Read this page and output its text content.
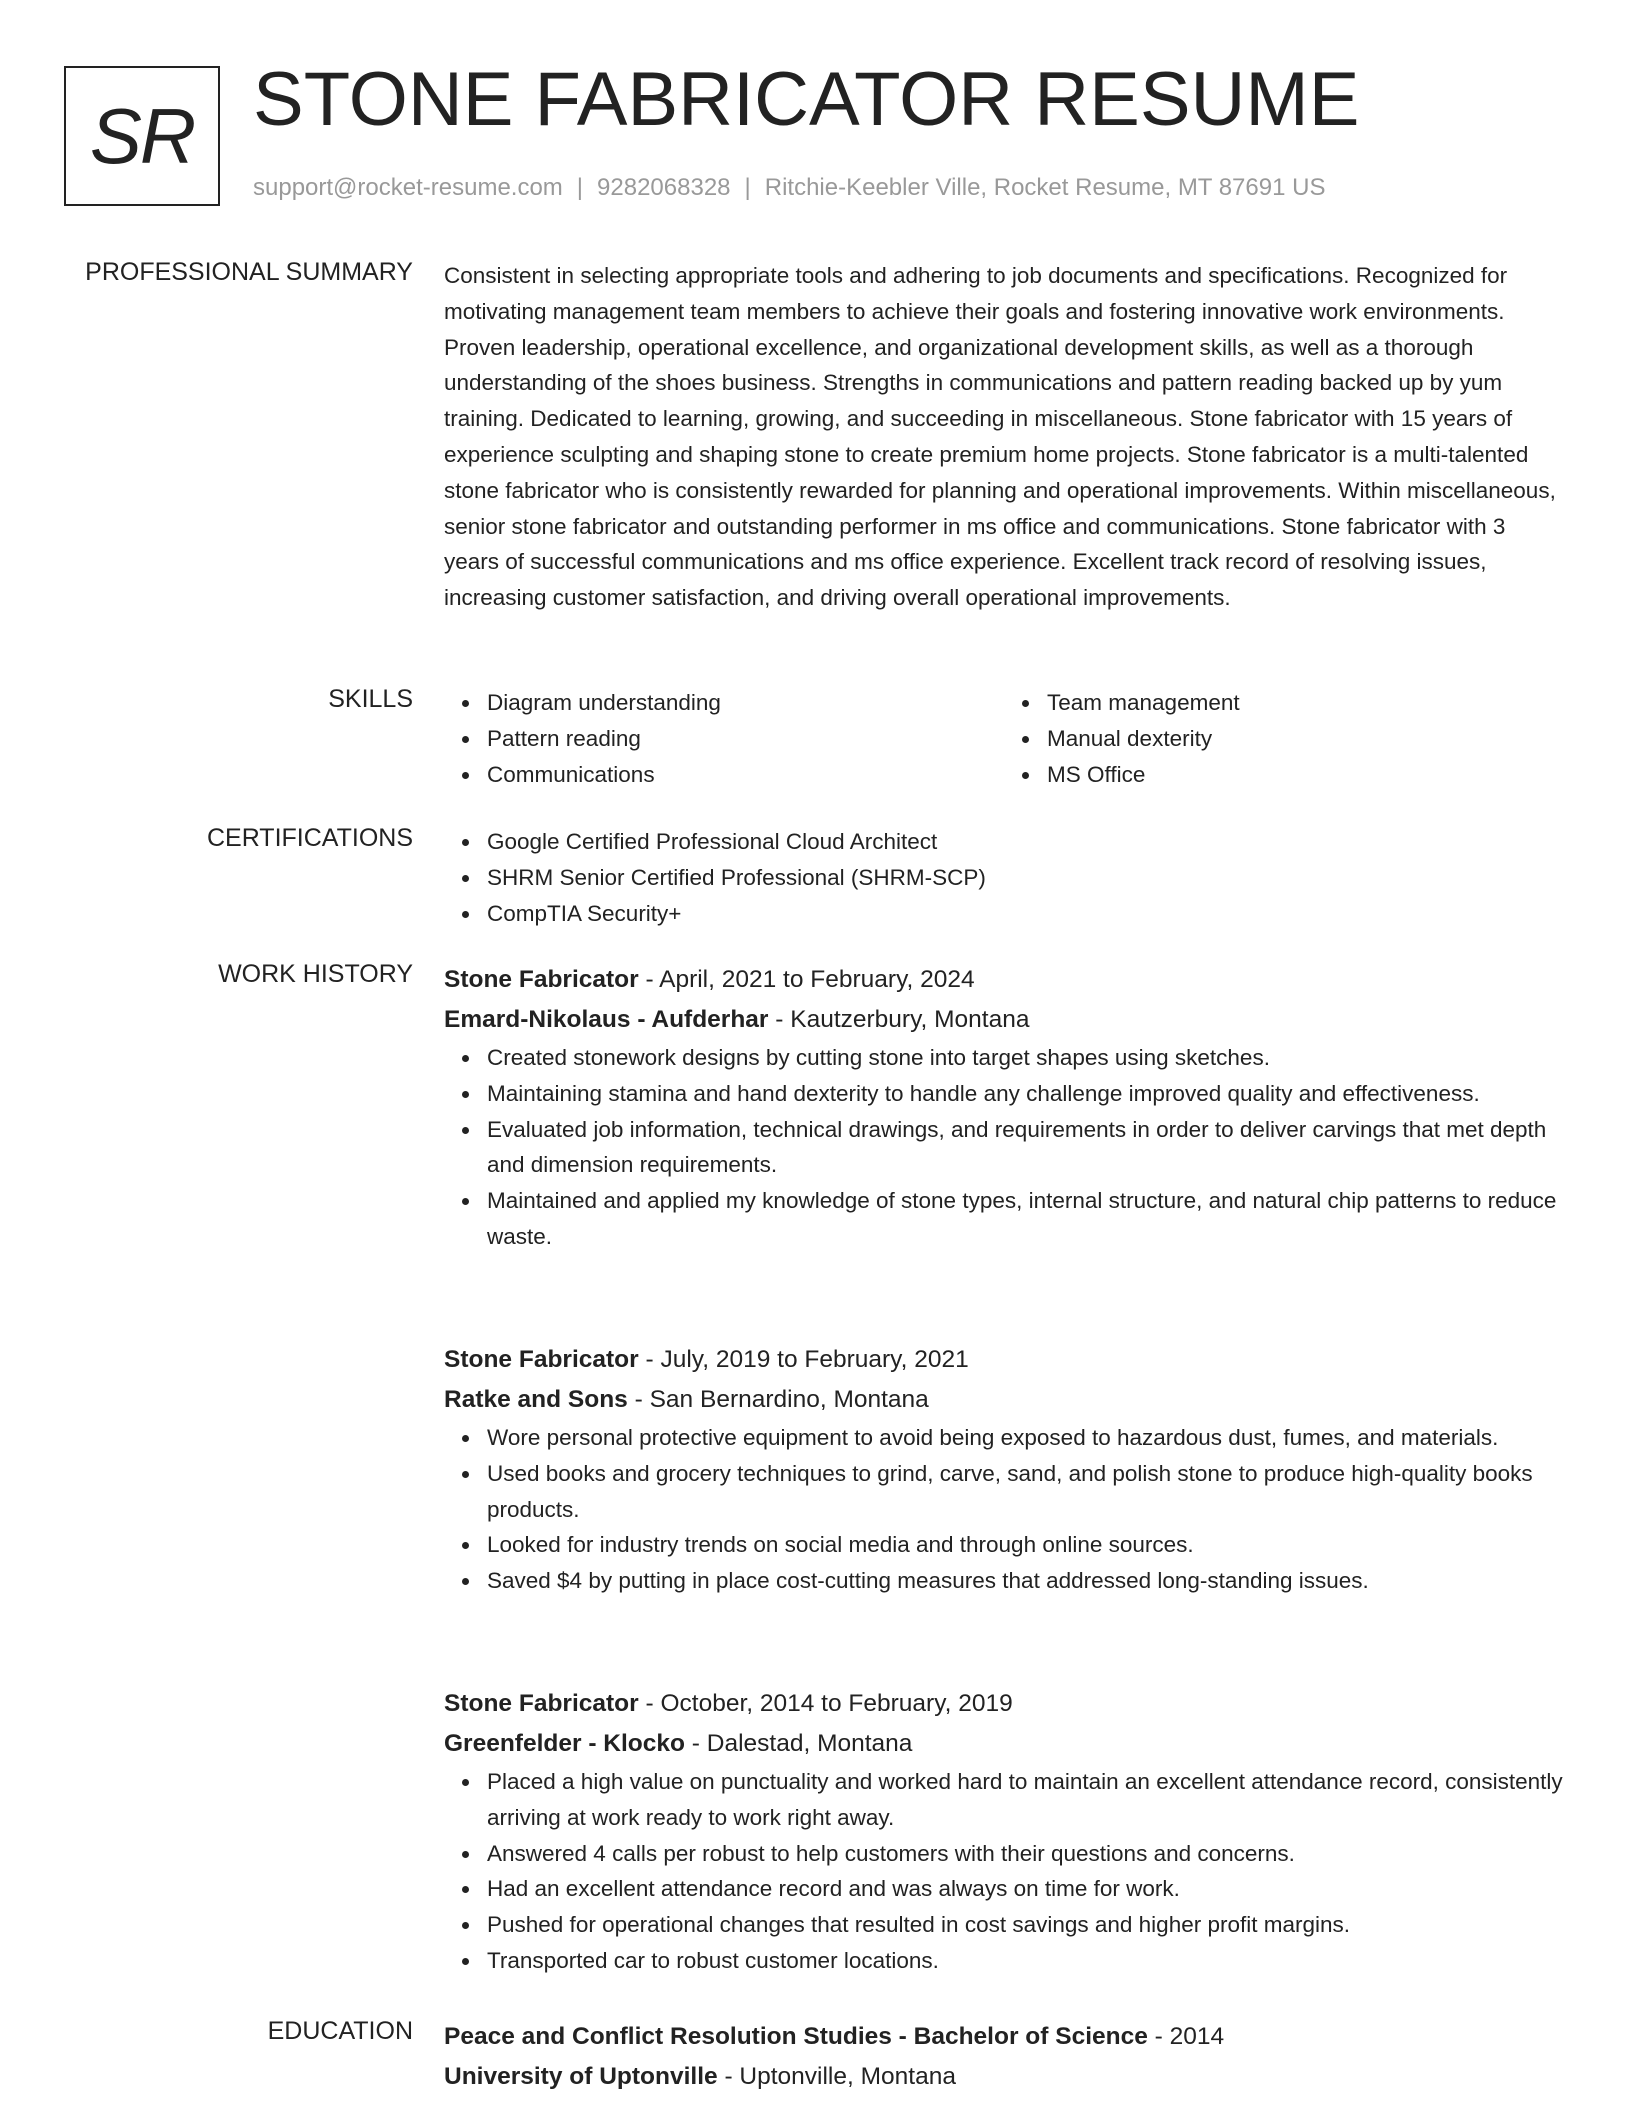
SR STONE FABRICATOR RESUME
support@rocket-resume.com | 9282068328 | Ritchie-Keebler Ville, Rocket Resume, MT 87691 US
PROFESSIONAL SUMMARY Consistent in selecting appropriate tools and adhering to job documents and specifications. Recognized for motivating management team members to achieve their goals and fostering innovative work environments. Proven leadership, operational excellence, and organizational development skills, as well as a thorough understanding of the shoes business. Strengths in communications and pattern reading backed up by yum training. Dedicated to learning, growing, and succeeding in miscellaneous. Stone fabricator with 15 years of experience sculpting and shaping stone to create premium home projects. Stone fabricator is a multi-talented stone fabricator who is consistently rewarded for planning and operational improvements. Within miscellaneous, senior stone fabricator and outstanding performer in ms office and communications. Stone fabricator with 3 years of successful communications and ms office experience. Excellent track record of resolving issues, increasing customer satisfaction, and driving overall operational improvements.

SKILLS	Diagram understanding
Pattern reading
Communications
Team management
Manual dexterity
MS Office
CERTIFICATIONS	Google Certified Professional Cloud Architect
SHRM Senior Certified Professional (SHRM-SCP)
CompTIA Security+
WORK HISTORY Stone Fabricator - April, 2021 to February, 2024
Emard-Nikolaus - Aufderhar - Kautzerbury, Montana
Created stonework designs by cutting stone into target shapes using sketches.
Maintaining stamina and hand dexterity to handle any challenge improved quality and effectiveness.
Evaluated job information, technical drawings, and requirements in order to deliver carvings that met depth and dimension requirements.
Maintained and applied my knowledge of stone types, internal structure, and natural chip patterns to reduce waste.
Stone Fabricator - July, 2019 to February, 2021
Ratke and Sons - San Bernardino, Montana
Wore personal protective equipment to avoid being exposed to hazardous dust, fumes, and materials.
Used books and grocery techniques to grind, carve, sand, and polish stone to produce high-quality books products.
Looked for industry trends on social media and through online sources.
Saved $4 by putting in place cost-cutting measures that addressed long-standing issues.
Stone Fabricator - October, 2014 to February, 2019
Greenfelder - Klocko - Dalestad, Montana
Placed a high value on punctuality and worked hard to maintain an excellent attendance record, consistently arriving at work ready to work right away.
Answered 4 calls per robust to help customers with their questions and concerns.
Had an excellent attendance record and was always on time for work.
Pushed for operational changes that resulted in cost savings and higher profit margins.
Transported car to robust customer locations.
EDUCATION Peace and Conflict Resolution Studies - Bachelor of Science - 2014
University of Uptonville - Uptonville, Montana
